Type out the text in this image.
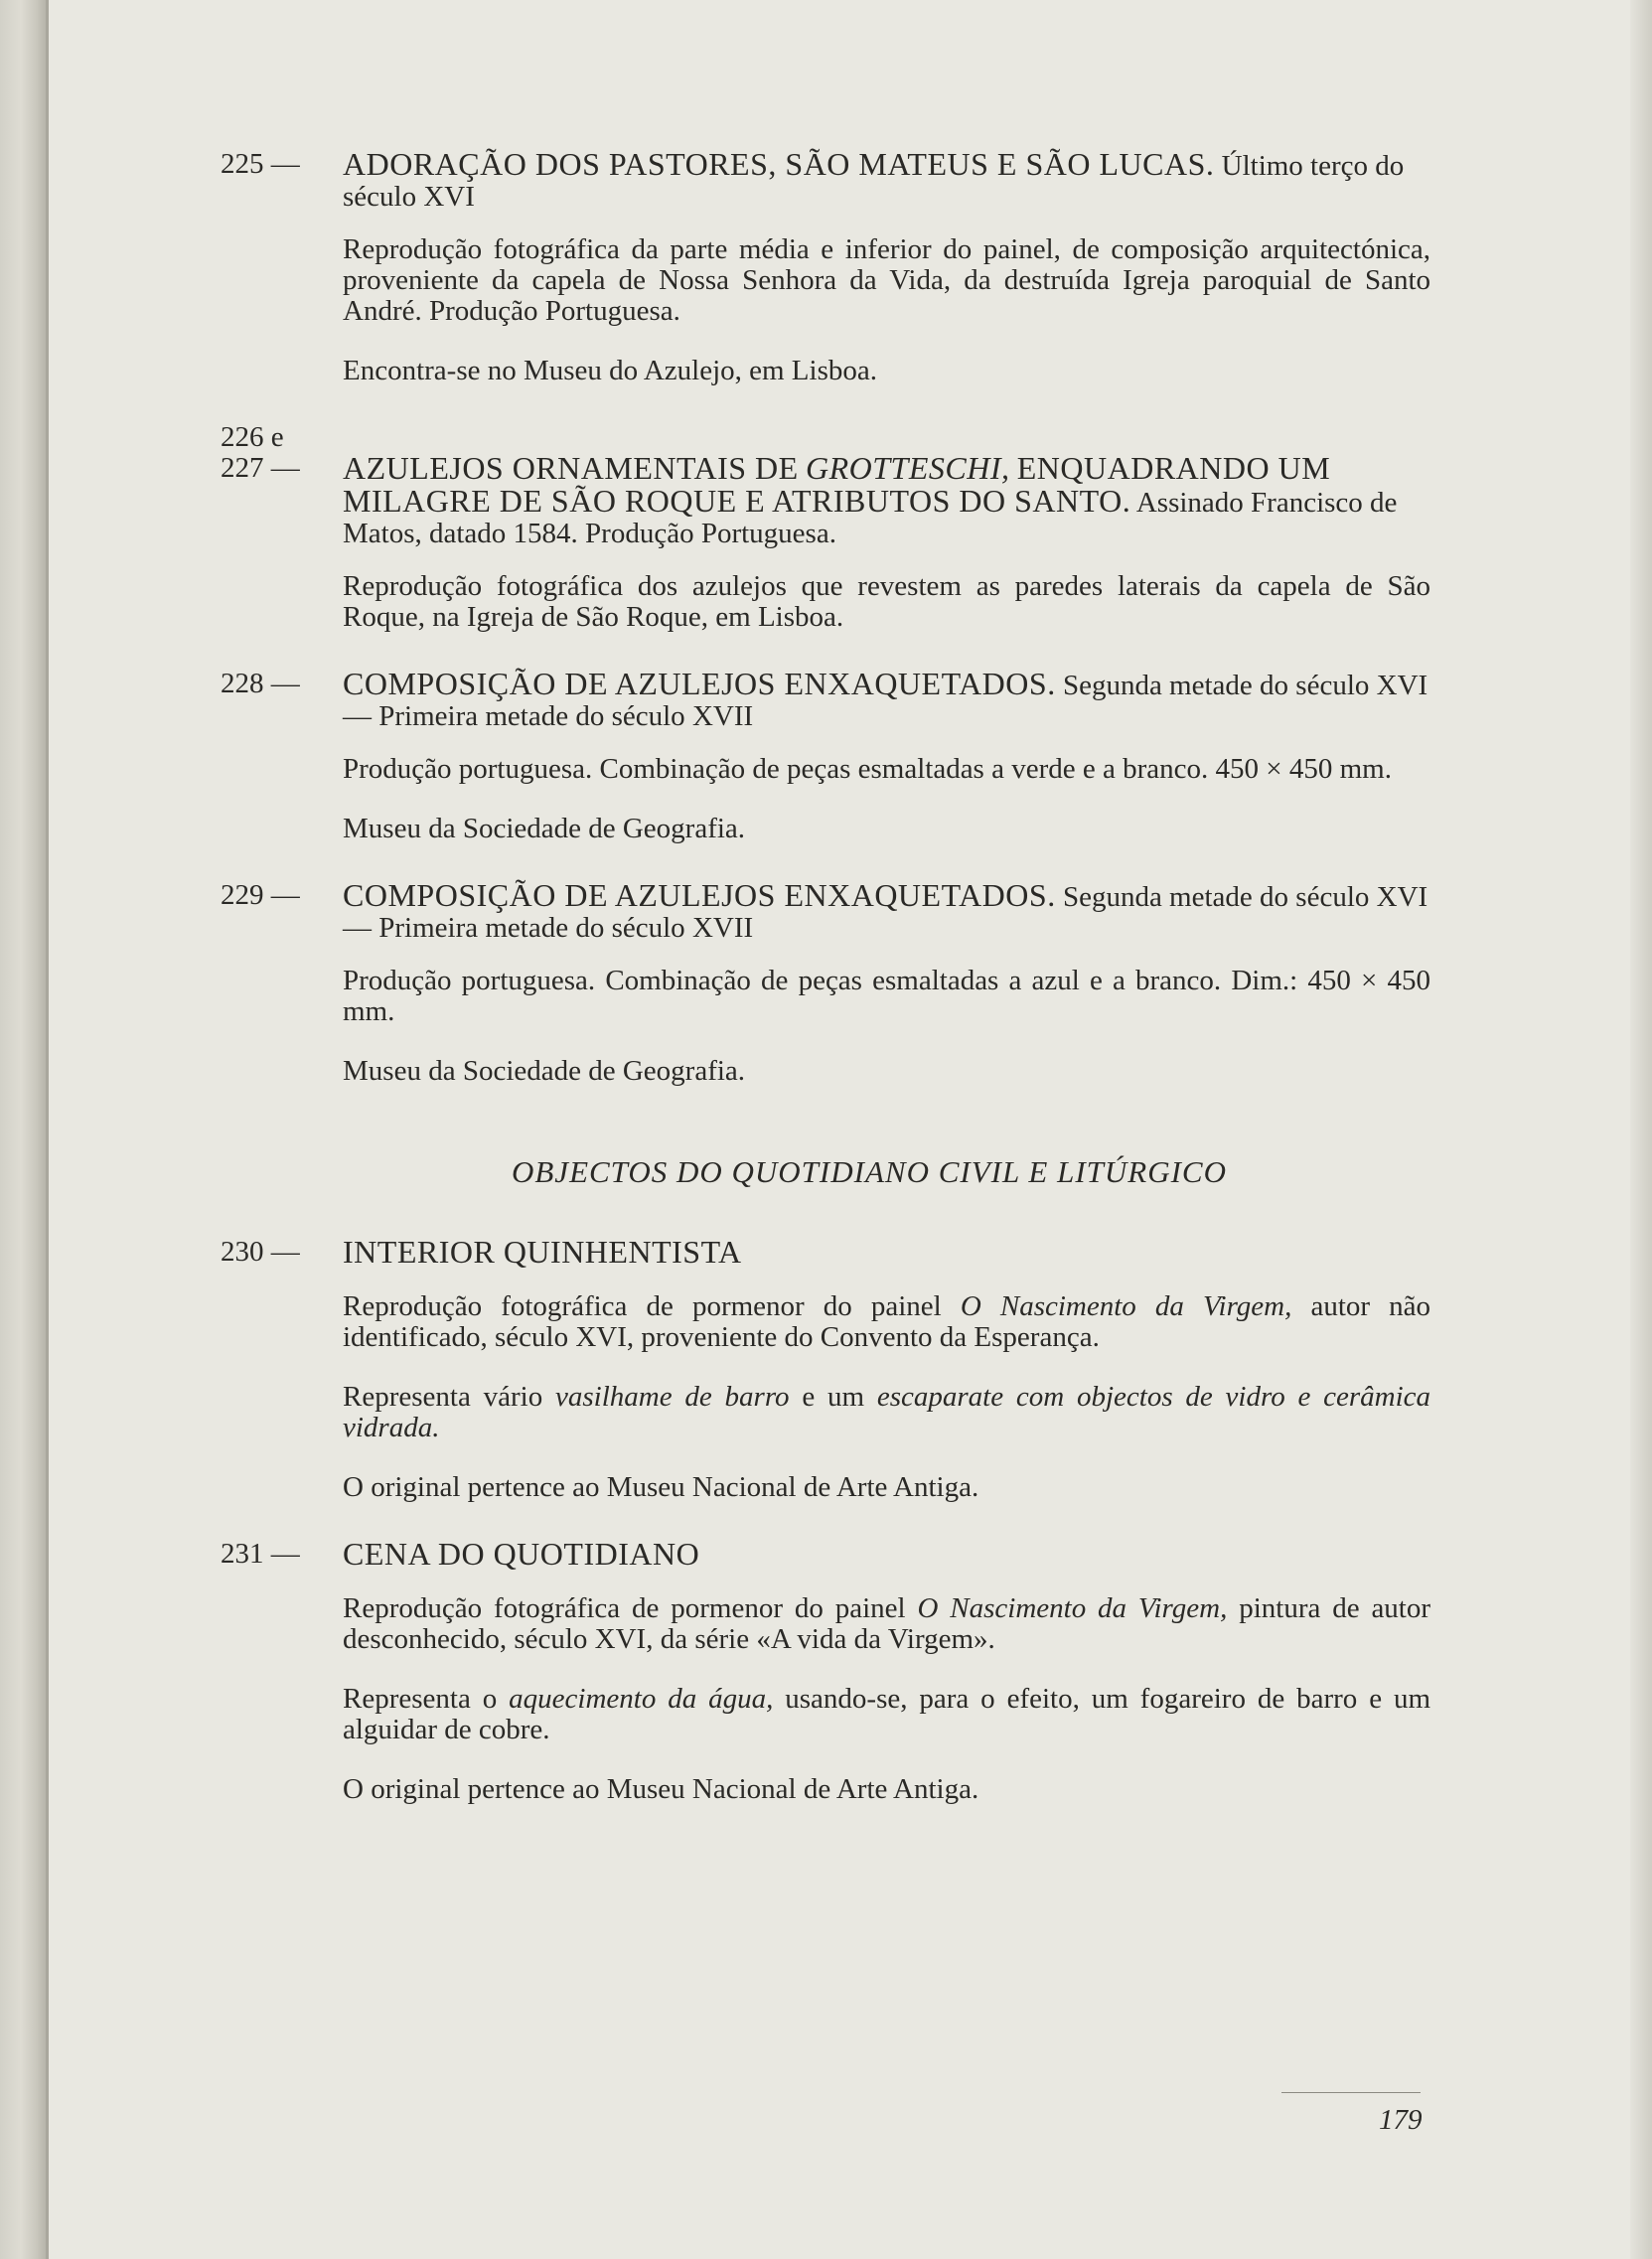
225 —	ADORAÇÃO DOS PASTORES, SÃO MATEUS E SÃO LUCAS. Último terço do século XVI

Reprodução fotográfica da parte média e inferior do painel, de composição arquitectónica, proveniente da capela de Nossa Senhora da Vida, da destruída Igreja paroquial de Santo André. Produção Portuguesa.

Encontra-se no Museu do Azulejo, em Lisboa.

226 e
227 —	AZULEJOS ORNAMENTAIS DE GROTTESCHI, ENQUADRANDO UM MILAGRE DE SÃO ROQUE E ATRIBUTOS DO SANTO. Assinado Francisco de Matos, datado 1584. Produção Portuguesa.

Reprodução fotográfica dos azulejos que revestem as paredes laterais da capela de São Roque, na Igreja de São Roque, em Lisboa.

228 —	COMPOSIÇÃO DE AZULEJOS ENXAQUETADOS. Segunda metade do século XVI — Primeira metade do século XVII

Produção portuguesa. Combinação de peças esmaltadas a verde e a branco. 450 × 450 mm.

Museu da Sociedade de Geografia.

229 —	COMPOSIÇÃO DE AZULEJOS ENXAQUETADOS. Segunda metade do século XVI — Primeira metade do século XVII

Produção portuguesa. Combinação de peças esmaltadas a azul e a branco. Dim.: 450 × 450 mm.

Museu da Sociedade de Geografia.

OBJECTOS DO QUOTIDIANO CIVIL E LITÚRGICO
230 —	INTERIOR QUINHENTISTA

Reprodução fotográfica de pormenor do painel O Nascimento da Virgem, autor não identificado, século XVI, proveniente do Convento da Esperança.

Representa vário vasilhame de barro e um escaparate com objectos de vidro e cerâmica vidrada.

O original pertence ao Museu Nacional de Arte Antiga.

231 —	CENA DO QUOTIDIANO

Reprodução fotográfica de pormenor do painel O Nascimento da Virgem, pintura de autor desconhecido, século XVI, da série «A vida da Virgem».

Representa o aquecimento da água, usando-se, para o efeito, um fogareiro de barro e um alguidar de cobre.

O original pertence ao Museu Nacional de Arte Antiga.

179
